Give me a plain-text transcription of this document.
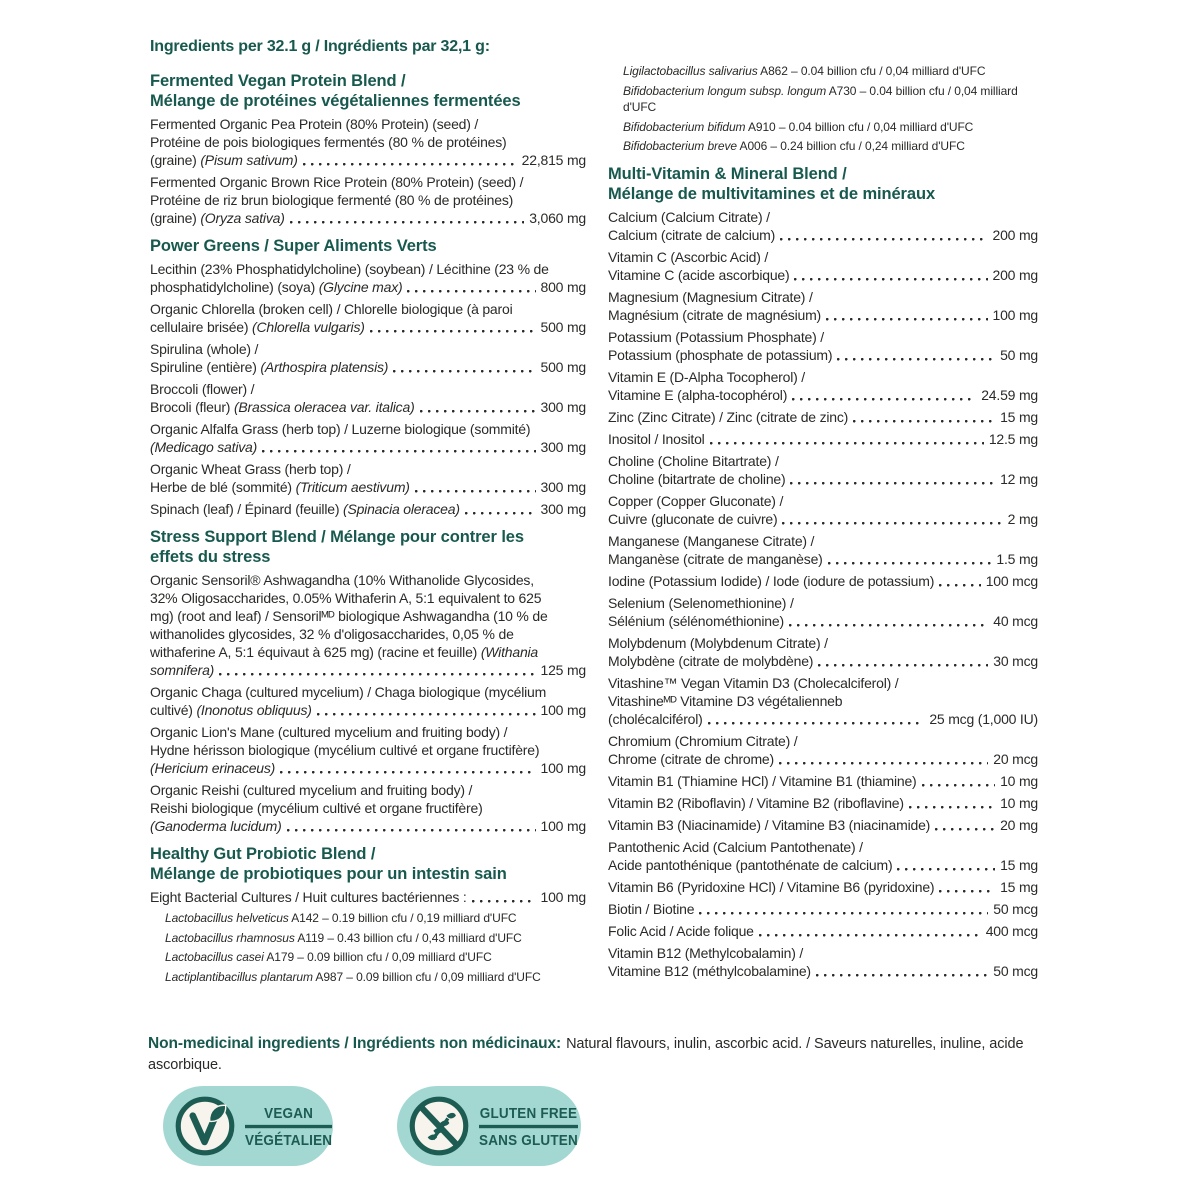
Ingredients per 32.1 g / Ingrédients par 32,1 g:
Fermented Vegan Protein Blend /
Mélange de protéines végétaliennes fermentées
Fermented Organic Pea Protein (80% Protein) (seed) /
Protéine de pois biologiques fermentés (80 % de protéines)
(graine) (Pisum sativum)	22,815 mg
Fermented Organic Brown Rice Protein (80% Protein) (seed) /
Protéine de riz brun biologique fermenté (80 % de protéines)
(graine) (Oryza sativa)	3,060 mg
Power Greens / Super Aliments Verts
Lecithin (23% Phosphatidylcholine) (soybean) / Lécithine (23 % de
phosphatidylcholine) (soya) (Glycine max)	800 mg
Organic Chlorella (broken cell) / Chlorelle biologique (à paroi
cellulaire brisée) (Chlorella vulgaris)	500 mg
Spirulina (whole) /
Spiruline (entière) (Arthospira platensis)	500 mg
Broccoli (flower) /
Brocoli (fleur) (Brassica oleracea var. italica)	300 mg
Organic Alfalfa Grass (herb top) / Luzerne biologique (sommité)
(Medicago sativa)	300 mg
Organic Wheat Grass (herb top) /
Herbe de blé (sommité) (Triticum aestivum)	300 mg
Spinach (leaf) / Épinard (feuille) (Spinacia oleracea)	300 mg
Stress Support Blend / Mélange pour contrer les
effets du stress
Organic Sensoril® Ashwagandha (10% Withanolide Glycosides,
32% Oligosaccharides, 0.05% Withaferin A, 5:1 equivalent to 625
mg) (root and leaf) / Sensorilᴹᴰ biologique Ashwagandha (10 % de
withanolides glycosides, 32 % d'oligosaccharides, 0,05 % de
withaferine A, 5:1 équivaut à 625 mg) (racine et feuille) (Withania
somnifera)	125 mg
Organic Chaga (cultured mycelium) / Chaga biologique (mycélium
cultivé) (Inonotus obliquus)	100 mg
Organic Lion's Mane (cultured mycelium and fruiting body) /
Hydne hérisson biologique (mycélium cultivé et organe fructifère)
(Hericium erinaceus)	100 mg
Organic Reishi (cultured mycelium and fruiting body) /
Reishi biologique (mycélium cultivé et organe fructifère)
(Ganoderma lucidum)	100 mg
Healthy Gut Probiotic Blend /
Mélange de probiotiques pour un intestin sain
Eight Bacterial Cultures / Huit cultures bactériennes :	100 mg
Lactobacillus helveticus A142 – 0.19 billion cfu / 0,19 milliard d'UFC
Lactobacillus rhamnosus A119 – 0.43 billion cfu / 0,43 milliard d'UFC
Lactobacillus casei A179 – 0.09 billion cfu / 0,09 milliard d'UFC
Lactiplantibacillus plantarum A987 – 0.09 billion cfu / 0,09 milliard d'UFC
Ligilactobacillus salivarius A862 – 0.04 billion cfu / 0,04 milliard d'UFC
Bifidobacterium longum subsp. longum A730 – 0.04 billion cfu / 0,04 milliard d'UFC
Bifidobacterium bifidum A910 – 0.04 billion cfu / 0,04 milliard d'UFC
Bifidobacterium breve A006 – 0.24 billion cfu / 0,24 milliard d'UFC
Multi-Vitamin & Mineral Blend /
Mélange de multivitamines et de minéraux
Calcium (Calcium Citrate) /
Calcium (citrate de calcium)	200 mg
Vitamin C (Ascorbic Acid) /
Vitamine C (acide ascorbique)	200 mg
Magnesium (Magnesium Citrate) /
Magnésium (citrate de magnésium)	100 mg
Potassium (Potassium Phosphate) /
Potassium (phosphate de potassium)	50 mg
Vitamin E (D-Alpha Tocopherol) /
Vitamine E (alpha-tocophérol)	24.59 mg
Zinc (Zinc Citrate) / Zinc (citrate de zinc)	15 mg
Inositol / Inositol	12.5 mg
Choline (Choline Bitartrate) /
Choline (bitartrate de choline)	12 mg
Copper (Copper Gluconate) /
Cuivre (gluconate de cuivre)	2 mg
Manganese (Manganese Citrate) /
Manganèse (citrate de manganèse)	1.5 mg
Iodine (Potassium Iodide) / Iode (iodure de potassium)	100 mcg
Selenium (Selenomethionine) /
Sélénium (sélénométhionine)	40 mcg
Molybdenum (Molybdenum Citrate) /
Molybdène (citrate de molybdène)	30 mcg
Vitashine™ Vegan Vitamin D3 (Cholecalciferol) /
Vitashineᴹᴰ Vitamine D3 végétalienneb
(cholécalciférol)	25 mcg (1,000 IU)
Chromium (Chromium Citrate) /
Chrome (citrate de chrome)	20 mcg
Vitamin B1 (Thiamine HCl) / Vitamine B1 (thiamine)	10 mg
Vitamin B2 (Riboflavin) / Vitamine B2 (riboflavine)	10 mg
Vitamin B3 (Niacinamide) / Vitamine B3 (niacinamide)	20 mg
Pantothenic Acid (Calcium Pantothenate) /
Acide pantothénique (pantothénate de calcium)	15 mg
Vitamin B6 (Pyridoxine HCl) / Vitamine B6 (pyridoxine)	15 mg
Biotin / Biotine	50 mcg
Folic Acid / Acide folique	400 mcg
Vitamin B12 (Methylcobalamin) /
Vitamine B12 (méthylcobalamine)	50 mcg
Non-medicinal ingredients / Ingrédients non médicinaux: Natural flavours, inulin, ascorbic acid. / Saveurs naturelles, inuline, acide ascorbique.
VEGAN
VÉGÉTALIEN
GLUTEN FREE
SANS GLUTEN
